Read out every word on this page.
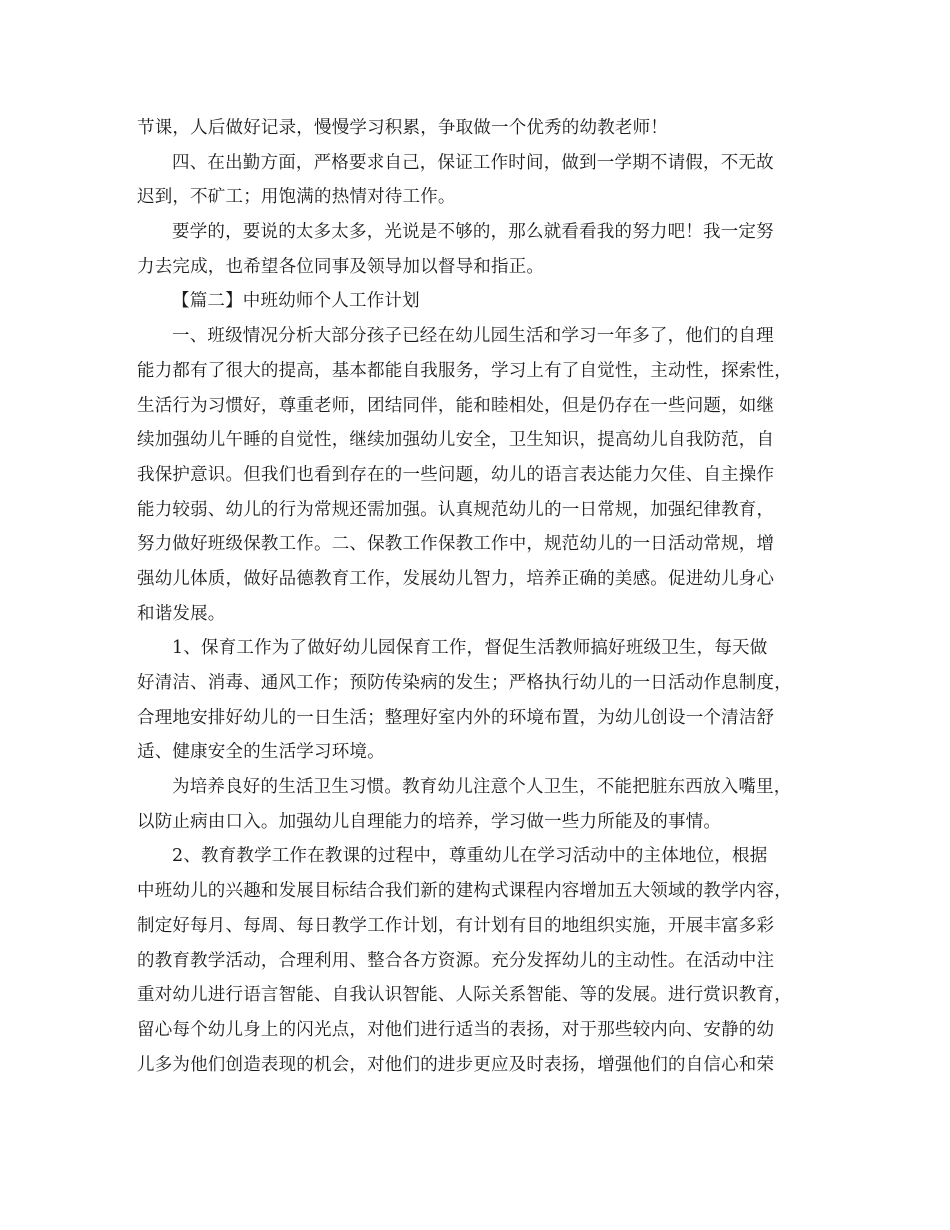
节课，人后做好记录，慢慢学习积累，争取做一个优秀的幼教老师！
四、在出勤方面，严格要求自己，保证工作时间，做到一学期不请假，不无故
迟到，不矿工；用饱满的热情对待工作。
要学的，要说的太多太多，光说是不够的，那么就看看我的努力吧！我一定努
力去完成，也希望各位同事及领导加以督导和指正。
【篇二】中班幼师个人工作计划
一、班级情况分析大部分孩子已经在幼儿园生活和学习一年多了，他们的自理
能力都有了很大的提高，基本都能自我服务，学习上有了自觉性，主动性，探索性，
生活行为习惯好，尊重老师，团结同伴，能和睦相处，但是仍存在一些问题，如继
续加强幼儿午睡的自觉性，继续加强幼儿安全，卫生知识，提高幼儿自我防范，自
我保护意识。但我们也看到存在的一些问题，幼儿的语言表达能力欠佳、自主操作
能力较弱、幼儿的行为常规还需加强。认真规范幼儿的一日常规，加强纪律教育，
努力做好班级保教工作。二、保教工作保教工作中，规范幼儿的一日活动常规，增
强幼儿体质，做好品德教育工作，发展幼儿智力，培养正确的美感。促进幼儿身心
和谐发展。
1、保育工作为了做好幼儿园保育工作，督促生活教师搞好班级卫生，每天做
好清洁、消毒、通风工作；预防传染病的发生；严格执行幼儿的一日活动作息制度，
合理地安排好幼儿的一日生活；整理好室内外的环境布置，为幼儿创设一个清洁舒
适、健康安全的生活学习环境。
为培养良好的生活卫生习惯。教育幼儿注意个人卫生，不能把脏东西放入嘴里，
以防止病由口入。加强幼儿自理能力的培养，学习做一些力所能及的事情。
2、教育教学工作在教课的过程中，尊重幼儿在学习活动中的主体地位，根据
中班幼儿的兴趣和发展目标结合我们新的建构式课程内容增加五大领域的教学内容，
制定好每月、每周、每日教学工作计划，有计划有目的地组织实施，开展丰富多彩
的教育教学活动，合理利用、整合各方资源。充分发挥幼儿的主动性。在活动中注
重对幼儿进行语言智能、自我认识智能、人际关系智能、等的发展。进行赏识教育，
留心每个幼儿身上的闪光点，对他们进行适当的表扬，对于那些较内向、安静的幼
儿多为他们创造表现的机会，对他们的进步更应及时表扬，增强他们的自信心和荣
